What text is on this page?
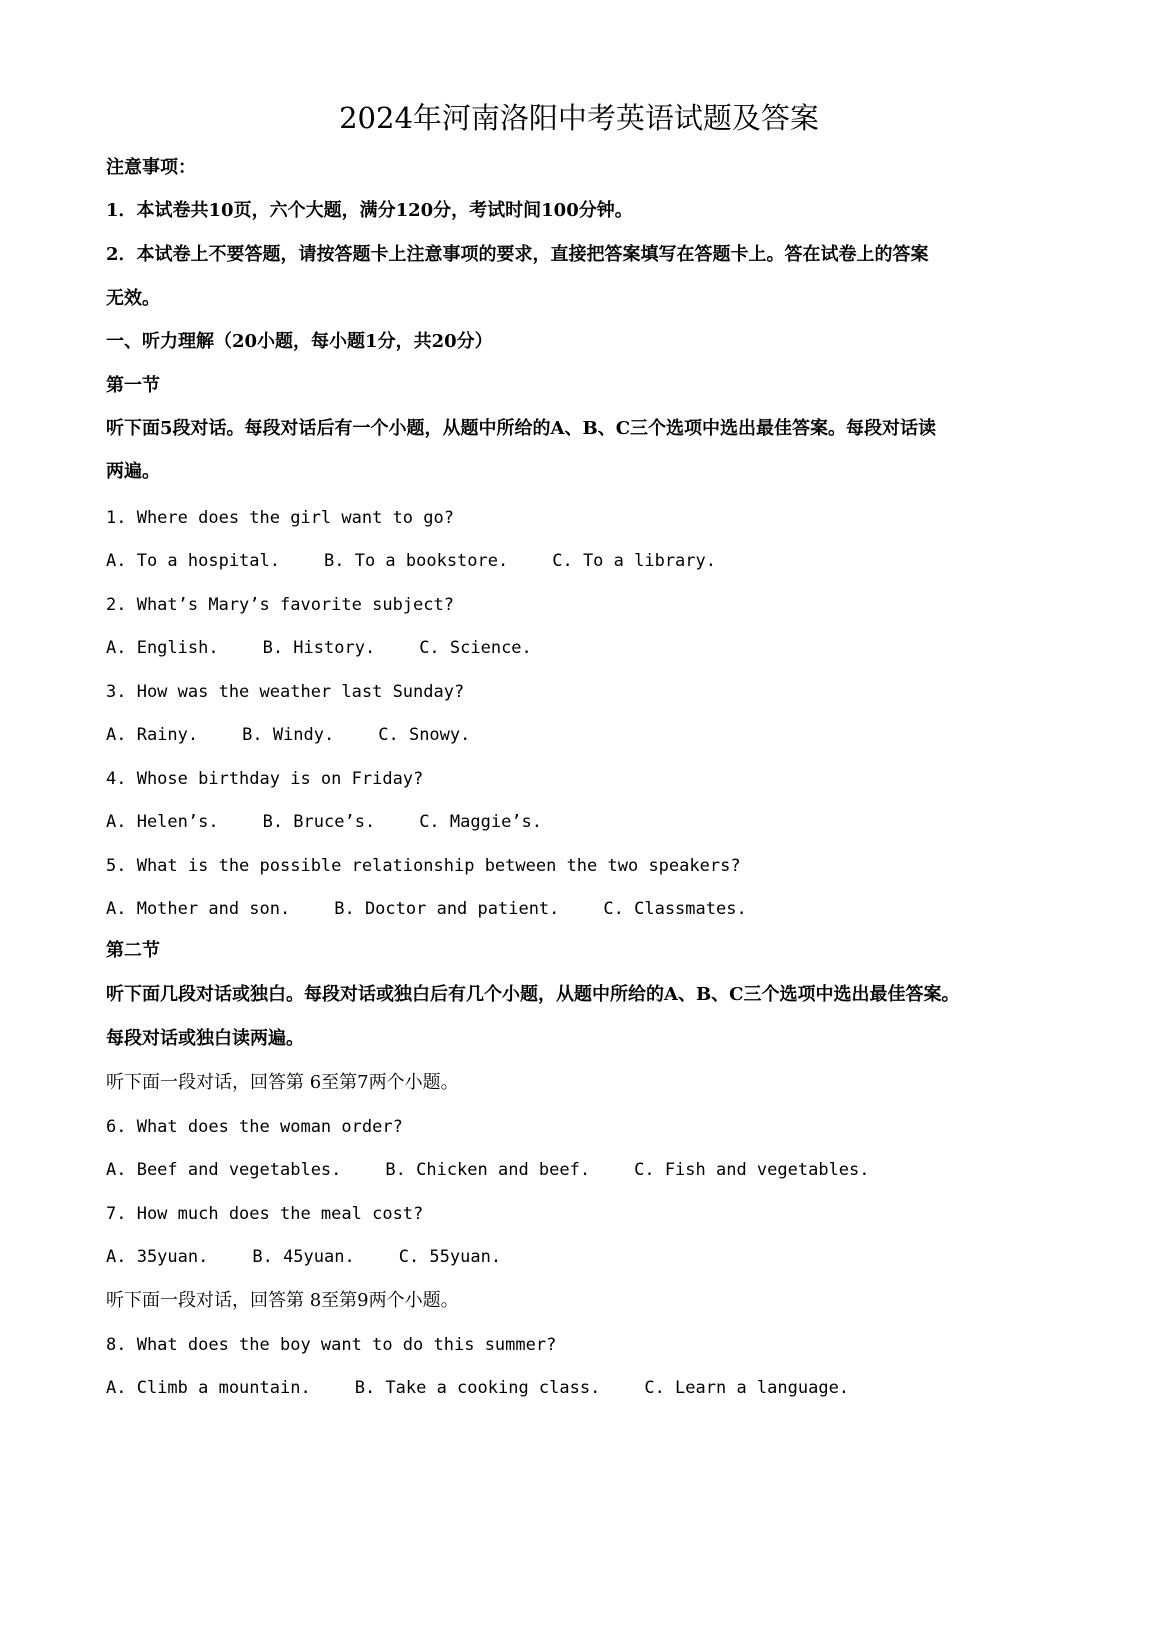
2024年河南洛阳中考英语试题及答案
注意事项：
1．本试卷共10页，六个大题，满分120分，考试时间100分钟。
2．本试卷上不要答题，请按答题卡上注意事项的要求，直接把答案填写在答题卡上。答在试卷上的答案
无效。
一、听力理解（20小题，每小题1分，共20分）
第一节
听下面5段对话。每段对话后有一个小题，从题中所给的A、B、C三个选项中选出最佳答案。每段对话读
两遍。
1. Where does the girl want to go?
A. To a hospital.	B. To a bookstore.	C. To a library.
2. What’s Mary’s favorite subject?
A. English.	B. History.	C. Science.
3. How was the weather last Sunday?
A. Rainy.	B. Windy.	C. Snowy.
4. Whose birthday is on Friday?
A. Helen’s.	B. Bruce’s.	C. Maggie’s.
5. What is the possible relationship between the two speakers?
A. Mother and son.	B. Doctor and patient.	C. Classmates.
第二节
听下面几段对话或独白。每段对话或独白后有几个小题，从题中所给的A、B、C三个选项中选出最佳答案。
每段对话或独白读两遍。
听下面一段对话，回答第 6至第7两个小题。
6. What does the woman order?
A. Beef and vegetables.	B. Chicken and beef.	C. Fish and vegetables.
7. How much does the meal cost?
A. 35yuan.	B. 45yuan.	C. 55yuan.
听下面一段对话，回答第 8至第9两个小题。
8. What does the boy want to do this summer?
A. Climb a mountain.	B. Take a cooking class.	C. Learn a language.
